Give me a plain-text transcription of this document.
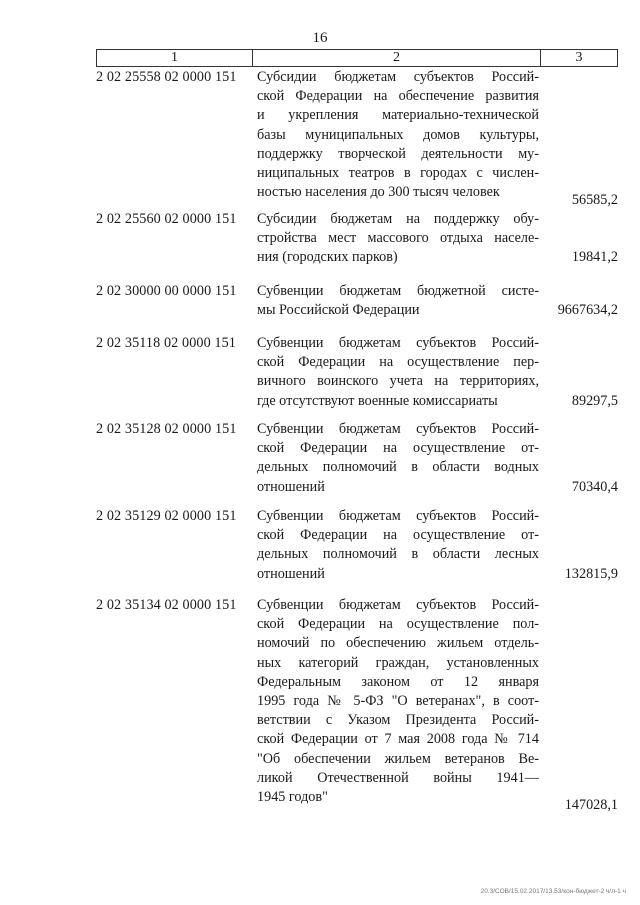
16
1	2	3
2 02 25558 02 0000 151	Субсидии бюджетам субъектов Россий-
ской Федерации на обеспечение развития
и укрепления материально-технической
базы муниципальных домов культуры,
поддержку творческой деятельности му-
ниципальных театров в городах с числен-
ностью населения до 300 тысяч человек	56585,2
2 02 25560 02 0000 151	Субсидии бюджетам на поддержку обу-
стройства мест массового отдыха населе-
ния (городских парков)	19841,2
2 02 30000 00 0000 151	Субвенции бюджетам бюджетной систе-
мы Российской Федерации	9667634,2
2 02 35118 02 0000 151	Субвенции бюджетам субъектов Россий-
ской Федерации на осуществление пер-
вичного воинского учета на территориях,
где отсутствуют военные комиссариаты	89297,5
2 02 35128 02 0000 151	Субвенции бюджетам субъектов Россий-
ской Федерации на осуществление от-
дельных полномочий в области водных
отношений	70340,4
2 02 35129 02 0000 151	Субвенции бюджетам субъектов Россий-
ской Федерации на осуществление от-
дельных полномочий в области лесных
отношений	132815,9
2 02 35134 02 0000 151	Субвенции бюджетам субъектов Россий-
ской Федерации на осуществление пол-
номочий по обеспечению жильем отдель-
ных категорий граждан, установленных
Федеральным законом от 12 января
1995 года № 5-ФЗ "О ветеранах", в соот-
ветствии с Указом Президента Россий-
ской Федерации от 7 мая 2008 года № 714
"Об обеспечении жильем ветеранов Ве-
ликой Отечественной войны 1941—
1945 годов"	147028,1
20.3/СОВ/15.02.2017/13.53/кон-бюджет-2 ч/л-1 ч
